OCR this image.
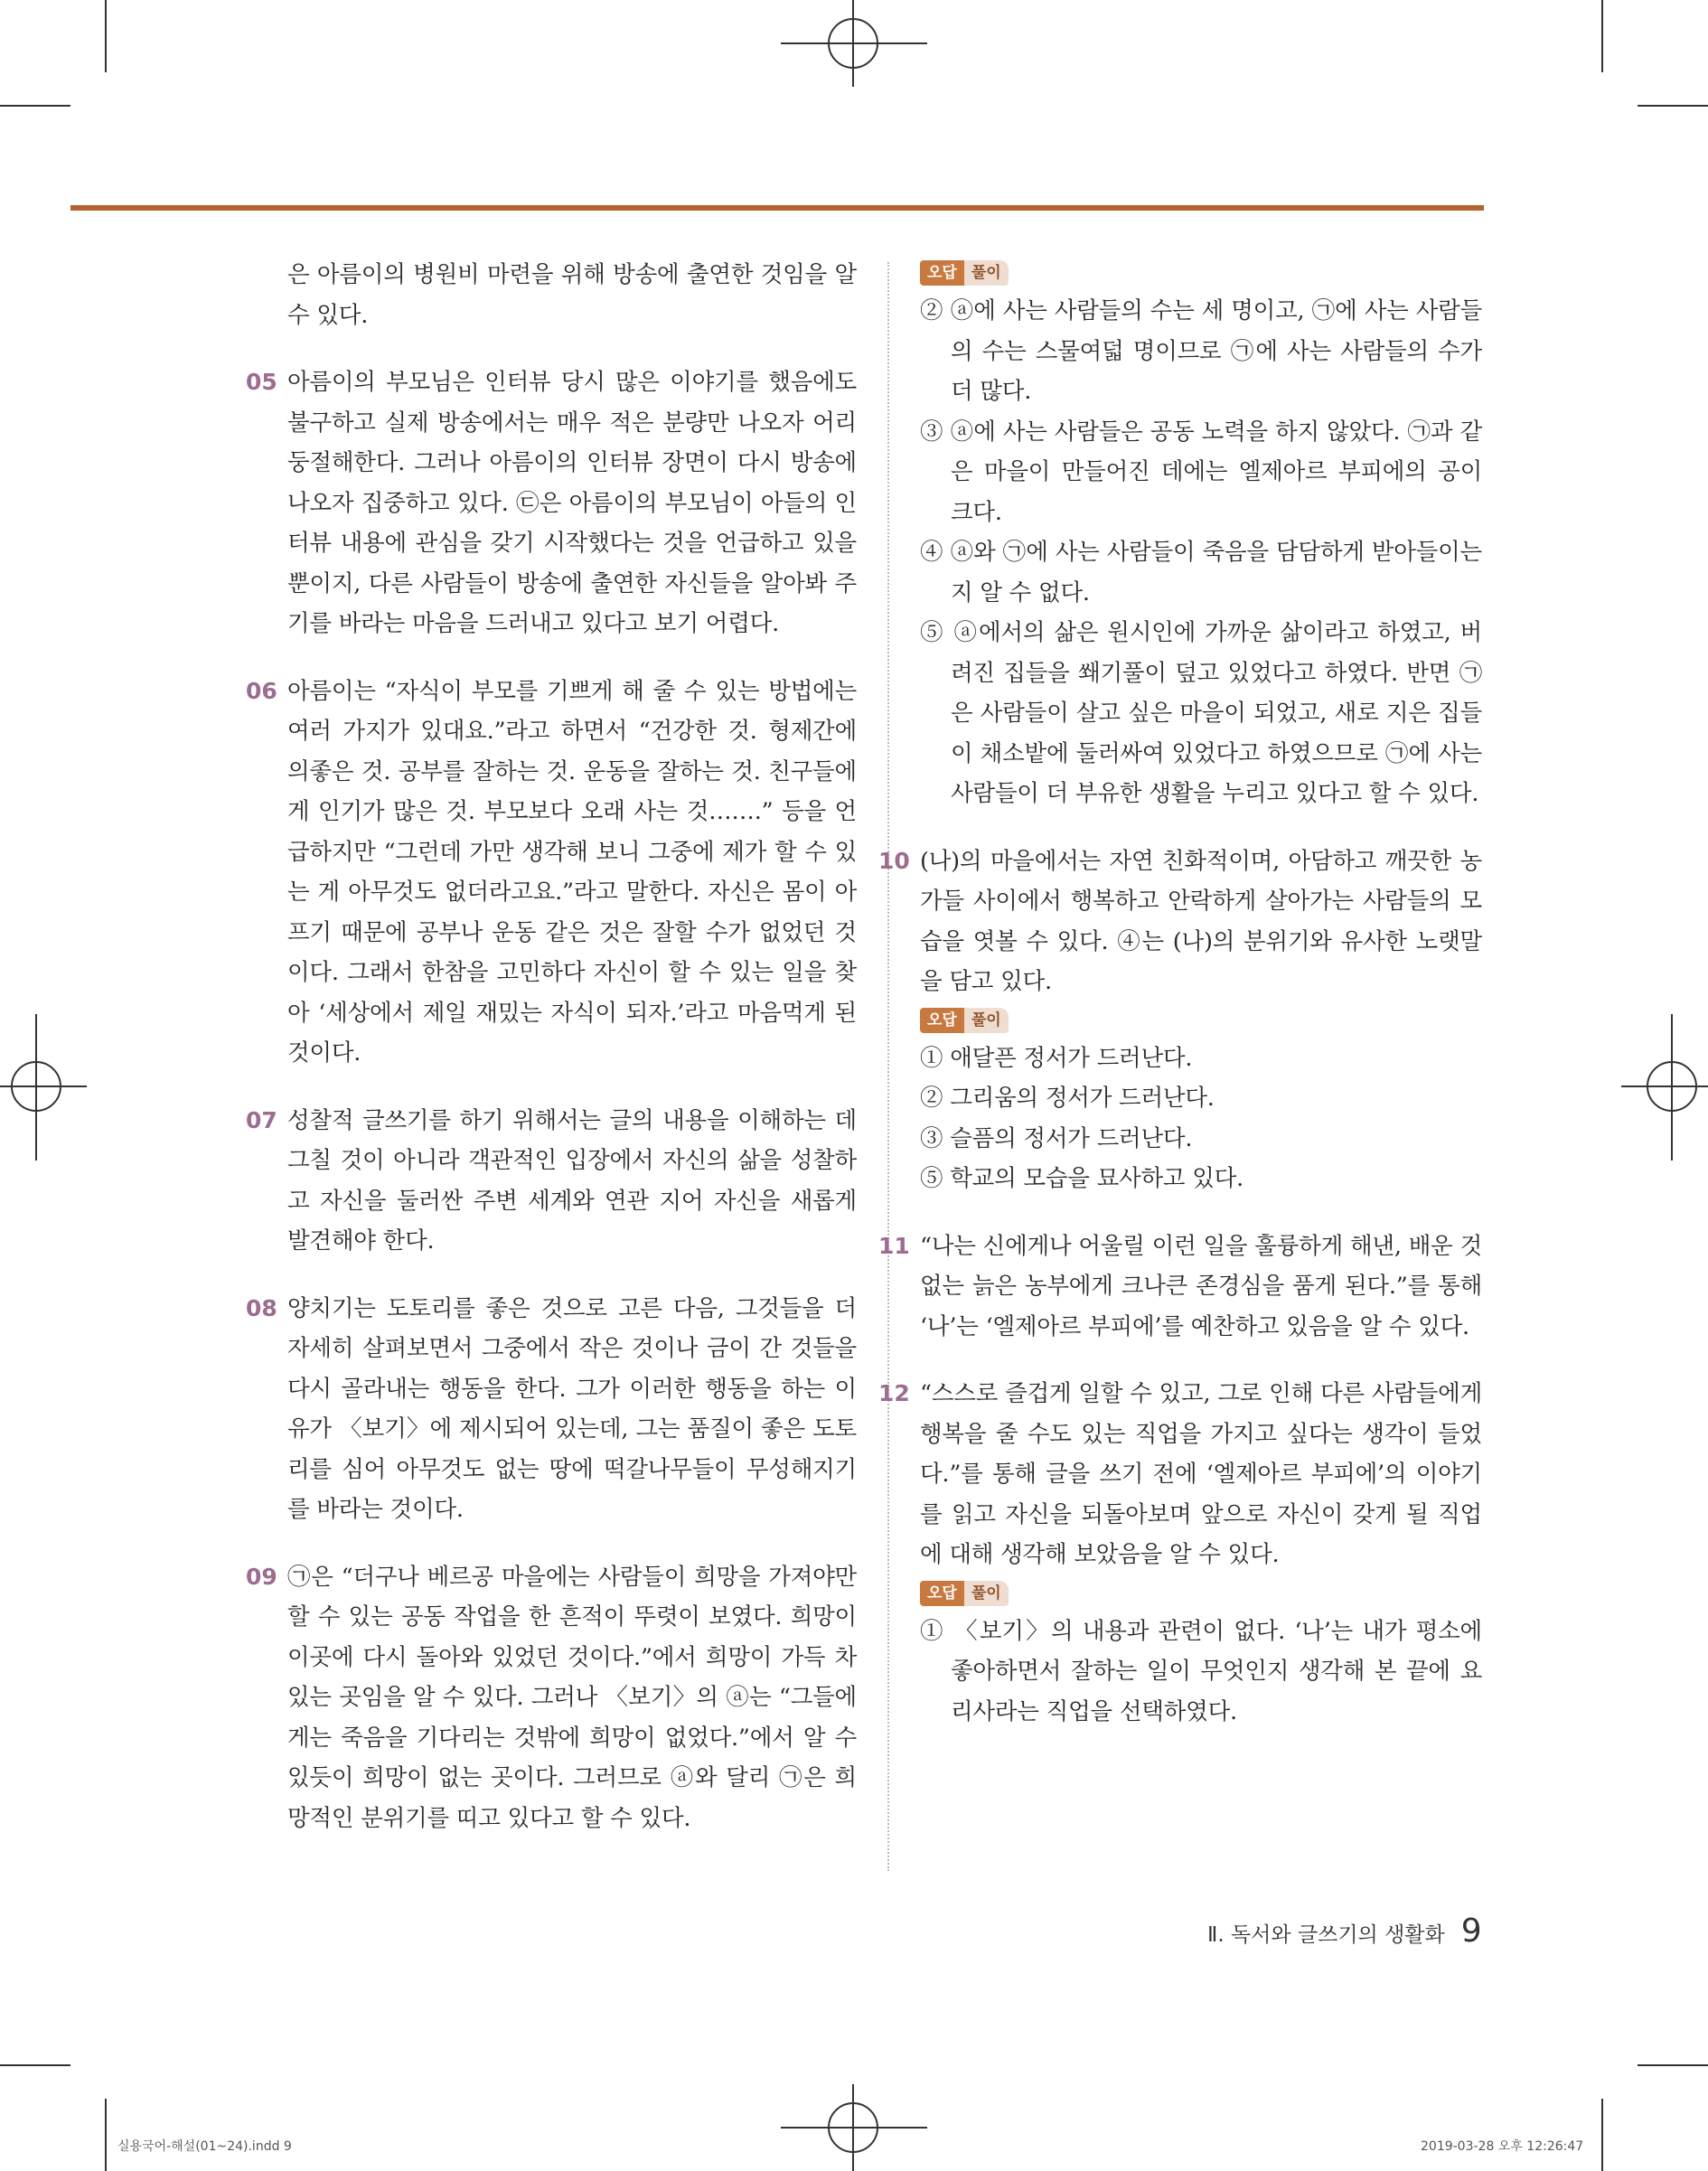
은 아름이의 병원비 마련을 위해 방송에 출연한 것임을 알 수 있다.

05 아름이의 부모님은 인터뷰 당시 많은 이야기를 했음에도 불구하고 실제 방송에서는 매우 적은 분량만 나오자 어리둥절해한다. 그러나 아름이의 인터뷰 장면이 다시 방송에 나오자 집중하고 있다. ㉢은 아름이의 부모님이 아들의 인터뷰 내용에 관심을 갖기 시작했다는 것을 언급하고 있을 뿐이지, 다른 사람들이 방송에 출연한 자신들을 알아봐 주기를 바라는 마음을 드러내고 있다고 보기 어렵다.

06 아름이는 “자식이 부모를 기쁘게 해 줄 수 있는 방법에는 여러 가지가 있대요.”라고 하면서 “건강한 것. 형제간에 의좋은 것. 공부를 잘하는 것. 운동을 잘하는 것. 친구들에게 인기가 많은 것. 부모보다 오래 사는 것…….” 등을 언급하지만 “그런데 가만 생각해 보니 그중에 제가 할 수 있는 게 아무것도 없더라고요.”라고 말한다. 자신은 몸이 아프기 때문에 공부나 운동 같은 것은 잘할 수가 없었던 것이다. 그래서 한참을 고민하다 자신이 할 수 있는 일을 찾아 ‘세상에서 제일 재밌는 자식이 되자.’라고 마음먹게 된 것이다.

07 성찰적 글쓰기를 하기 위해서는 글의 내용을 이해하는 데 그칠 것이 아니라 객관적인 입장에서 자신의 삶을 성찰하고 자신을 둘러싼 주변 세계와 연관 지어 자신을 새롭게 발견해야 한다.

08 양치기는 도토리를 좋은 것으로 고른 다음, 그것들을 더 자세히 살펴보면서 그중에서 작은 것이나 금이 간 것들을 다시 골라내는 행동을 한다. 그가 이러한 행동을 하는 이유가 〈보기〉에 제시되어 있는데, 그는 품질이 좋은 도토리를 심어 아무것도 없는 땅에 떡갈나무들이 무성해지기를 바라는 것이다.

09 ㉠은 “더구나 베르공 마을에는 사람들이 희망을 가져야만 할 수 있는 공동 작업을 한 흔적이 뚜렷이 보였다. 희망이 이곳에 다시 돌아와 있었던 것이다.”에서 희망이 가득 차 있는 곳임을 알 수 있다. 그러나 〈보기〉의 ⓐ는 “그들에게는 죽음을 기다리는 것밖에 희망이 없었다.”에서 알 수 있듯이 희망이 없는 곳이다. 그러므로 ⓐ와 달리 ㉠은 희망적인 분위기를 띠고 있다고 할 수 있다.

오답 풀이

② ⓐ에 사는 사람들의 수는 세 명이고, ㉠에 사는 사람들의 수는 스물여덟 명이므로 ㉠에 사는 사람들의 수가 더 많다.

③ ⓐ에 사는 사람들은 공동 노력을 하지 않았다. ㉠과 같은 마을이 만들어진 데에는 엘제아르 부피에의 공이 크다.

④ ⓐ와 ㉠에 사는 사람들이 죽음을 담담하게 받아들이는지 알 수 없다.

⑤ ⓐ에서의 삶은 원시인에 가까운 삶이라고 하였고, 버려진 집들을 쐐기풀이 덮고 있었다고 하였다. 반면 ㉠은 사람들이 살고 싶은 마을이 되었고, 새로 지은 집들이 채소밭에 둘러싸여 있었다고 하였으므로 ㉠에 사는 사람들이 더 부유한 생활을 누리고 있다고 할 수 있다.

10 (나)의 마을에서는 자연 친화적이며, 아담하고 깨끗한 농가들 사이에서 행복하고 안락하게 살아가는 사람들의 모습을 엿볼 수 있다. ④는 (나)의 분위기와 유사한 노랫말을 담고 있다.

오답 풀이

① 애달픈 정서가 드러난다.

② 그리움의 정서가 드러난다.

③ 슬픔의 정서가 드러난다.

⑤ 학교의 모습을 묘사하고 있다.

11 “나는 신에게나 어울릴 이런 일을 훌륭하게 해낸, 배운 것 없는 늙은 농부에게 크나큰 존경심을 품게 된다.”를 통해 ‘나’는 ‘엘제아르 부피에’를 예찬하고 있음을 알 수 있다.

12 “스스로 즐겁게 일할 수 있고, 그로 인해 다른 사람들에게 행복을 줄 수도 있는 직업을 가지고 싶다는 생각이 들었다.”를 통해 글을 쓰기 전에 ‘엘제아르 부피에’의 이야기를 읽고 자신을 되돌아보며 앞으로 자신이 갖게 될 직업에 대해 생각해 보았음을 알 수 있다.

오답 풀이

① 〈보기〉의 내용과 관련이 없다. ‘나’는 내가 평소에 좋아하면서 잘하는 일이 무엇인지 생각해 본 끝에 요리사라는 직업을 선택하였다.

Ⅱ. 독서와 글쓰기의 생활화 9
실용국어-해설(01~24).indd 9	2019-03-28 오후 12:26:47
